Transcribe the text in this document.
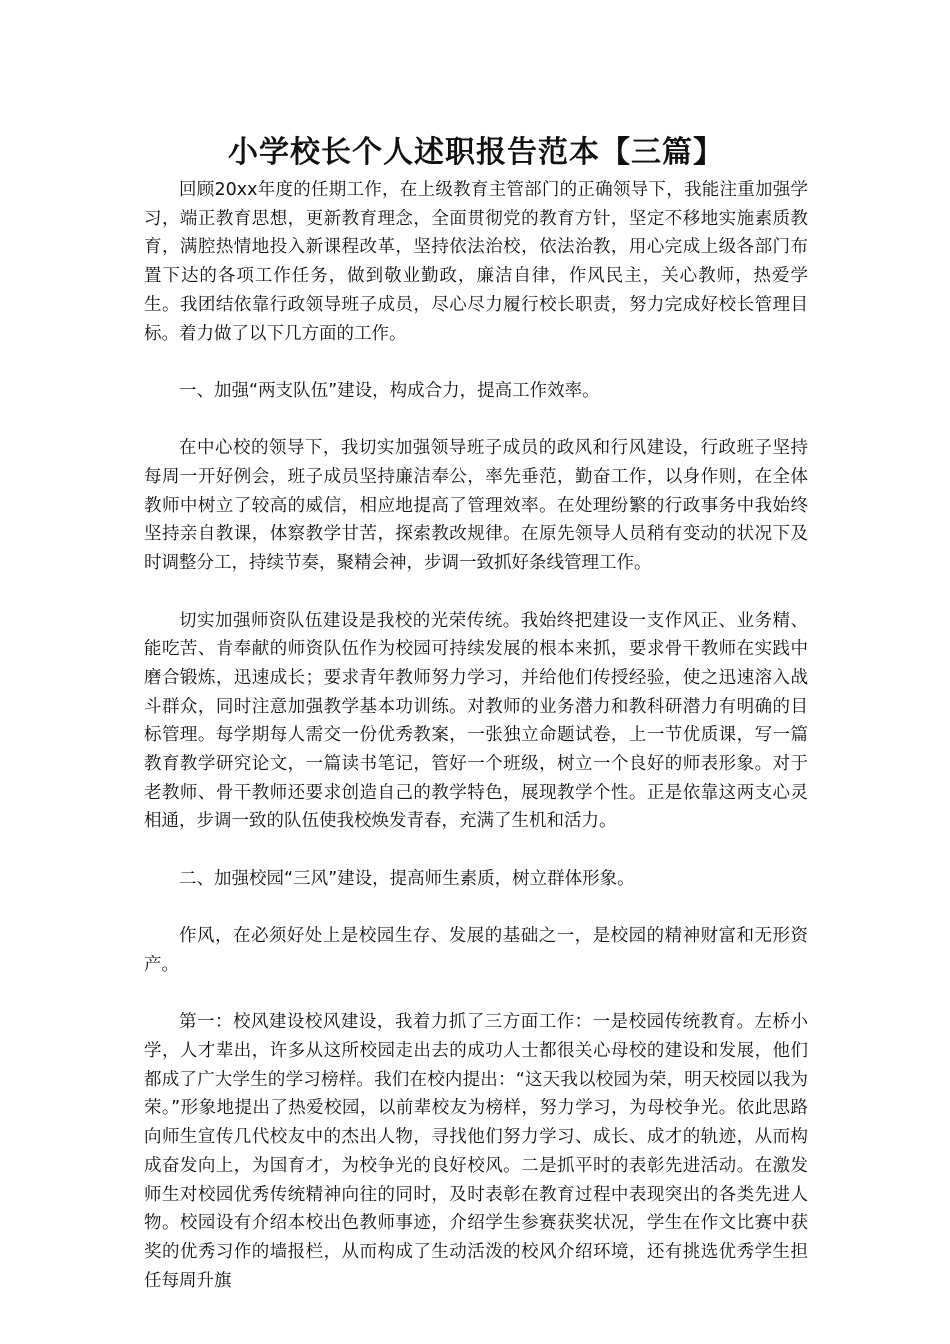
小学校长个人述职报告范本【三篇】

回顾20xx年度的任期工作，在上级教育主管部门的正确领导下，我能注重加强学习，端正教育思想，更新教育理念，全面贯彻党的教育方针，坚定不移地实施素质教育，满腔热情地投入新课程改革，坚持依法治校，依法治教，用心完成上级各部门布置下达的各项工作任务，做到敬业勤政，廉洁自律，作风民主，关心教师，热爱学生。我团结依靠行政领导班子成员，尽心尽力履行校长职责，努力完成好校长管理目标。着力做了以下几方面的工作。

一、加强“两支队伍”建设，构成合力，提高工作效率。

在中心校的领导下，我切实加强领导班子成员的政风和行风建设，行政班子坚持每周一开好例会，班子成员坚持廉洁奉公，率先垂范，勤奋工作，以身作则，在全体教师中树立了较高的威信，相应地提高了管理效率。在处理纷繁的行政事务中我始终坚持亲自教课，体察教学甘苦，探索教改规律。在原先领导人员稍有变动的状况下及时调整分工，持续节奏，聚精会神，步调一致抓好条线管理工作。

切实加强师资队伍建设是我校的光荣传统。我始终把建设一支作风正、业务精、能吃苦、肯奉献的师资队伍作为校园可持续发展的根本来抓，要求骨干教师在实践中磨合锻炼，迅速成长；要求青年教师努力学习，并给他们传授经验，使之迅速溶入战斗群众，同时注意加强教学基本功训练。对教师的业务潜力和教科研潜力有明确的目标管理。每学期每人需交一份优秀教案，一张独立命题试卷，上一节优质课，写一篇教育教学研究论文，一篇读书笔记，管好一个班级，树立一个良好的师表形象。对于老教师、骨干教师还要求创造自己的教学特色，展现教学个性。正是依靠这两支心灵相通，步调一致的队伍使我校焕发青春，充满了生机和活力。

二、加强校园“三风”建设，提高师生素质，树立群体形象。

作风，在必须好处上是校园生存、发展的基础之一，是校园的精神财富和无形资产。

第一：校风建设校风建设，我着力抓了三方面工作：一是校园传统教育。左桥小学，人才辈出，许多从这所校园走出去的成功人士都很关心母校的建设和发展，他们都成了广大学生的学习榜样。我们在校内提出：“这天我以校园为荣，明天校园以我为荣。”形象地提出了热爱校园，以前辈校友为榜样，努力学习，为母校争光。依此思路向师生宣传几代校友中的杰出人物，寻找他们努力学习、成长、成才的轨迹，从而构成奋发向上，为国育才，为校争光的良好校风。二是抓平时的表彰先进活动。在激发师生对校园优秀传统精神向往的同时，及时表彰在教育过程中表现突出的各类先进人物。校园设有介绍本校出色教师事迹，介绍学生参赛获奖状况，学生在作文比赛中获奖的优秀习作的墙报栏，从而构成了生动活泼的校风介绍环境，还有挑选优秀学生担任每周升旗
